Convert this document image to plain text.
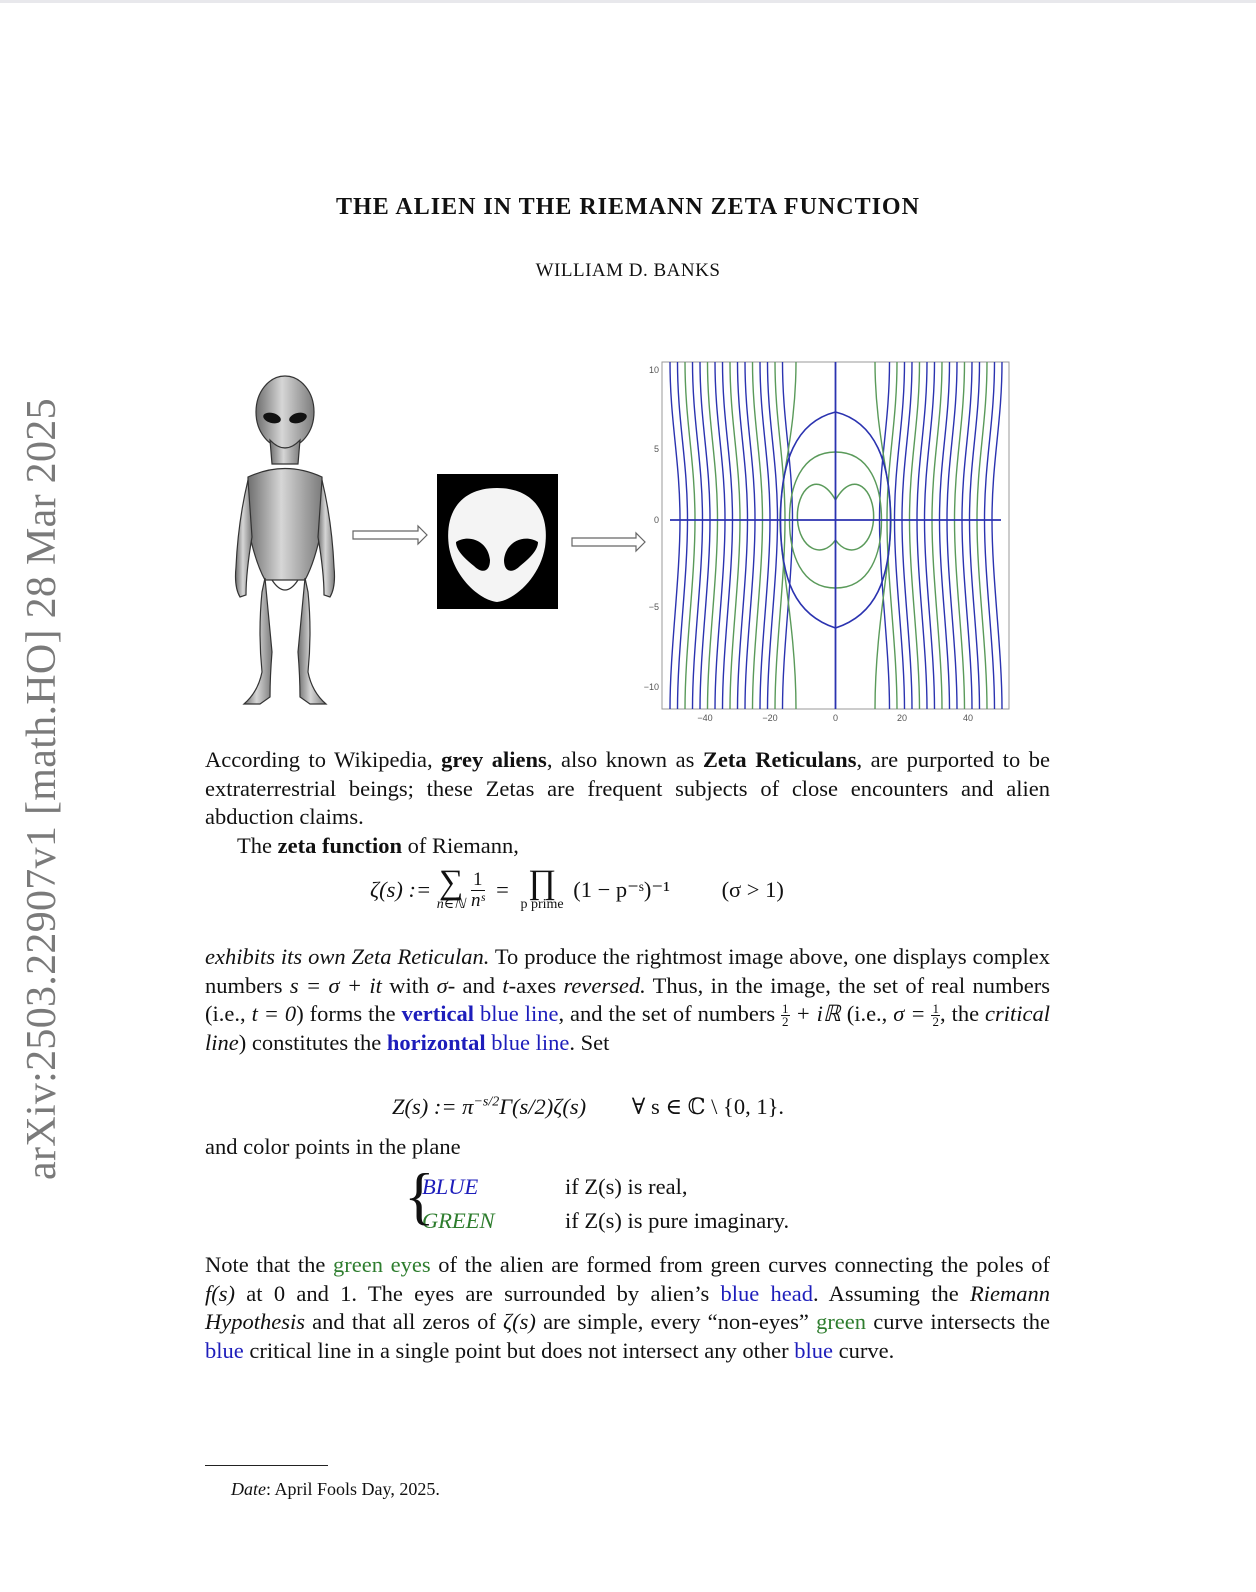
arXiv:2503.22907v1 [math.HO] 28 Mar 2025
THE ALIEN IN THE RIEMANN ZETA FUNCTION
WILLIAM D. BANKS
10
5
0
−5
−10
−40	−20	0	20	40

According to Wikipedia, grey aliens, also known as Zeta Reticulans, are purported to be extraterrestrial beings; these Zetas are frequent subjects of close encounters and alien abduction claims.

The zeta function of Riemann,

ζ(s) := ∑
n∈ℕ
$\frac{1}{\text{nˢ}}$ = ∏
p prime
(1 − p⁻ˢ)⁻¹ (σ > 1)

exhibits its own Zeta Reticulan. To produce the rightmost image above, one displays complex numbers s = σ + it with σ- and t-axes reversed. Thus, in the image, the set of real numbers (i.e., t = 0) forms the vertical blue line, and the set of numbers $\frac{1}{2}$ + iℝ (i.e., $\sigma = \frac{1}{2}$ , the critical line) constitutes the horizontal blue line. Set

Z(s) := $\pi^{-s/2}\Gamma(s/2)\zeta(s)$ ∀ s ∈ ℂ \ {0, 1}.

and color points in the plane

{
BLUE	if Z(s) is real,
GREEN	if Z(s) is pure imaginary.

Note that the green eyes of the alien are formed from green curves connecting the poles of f(s) at 0 and 1. The eyes are surrounded by alien’s blue head. Assuming the Riemann Hypothesis and that all zeros of ζ(s) are simple, every “non-eyes” green curve intersects the blue critical line in a single point but does not intersect any other blue curve.

Date: April Fools Day, 2025.
